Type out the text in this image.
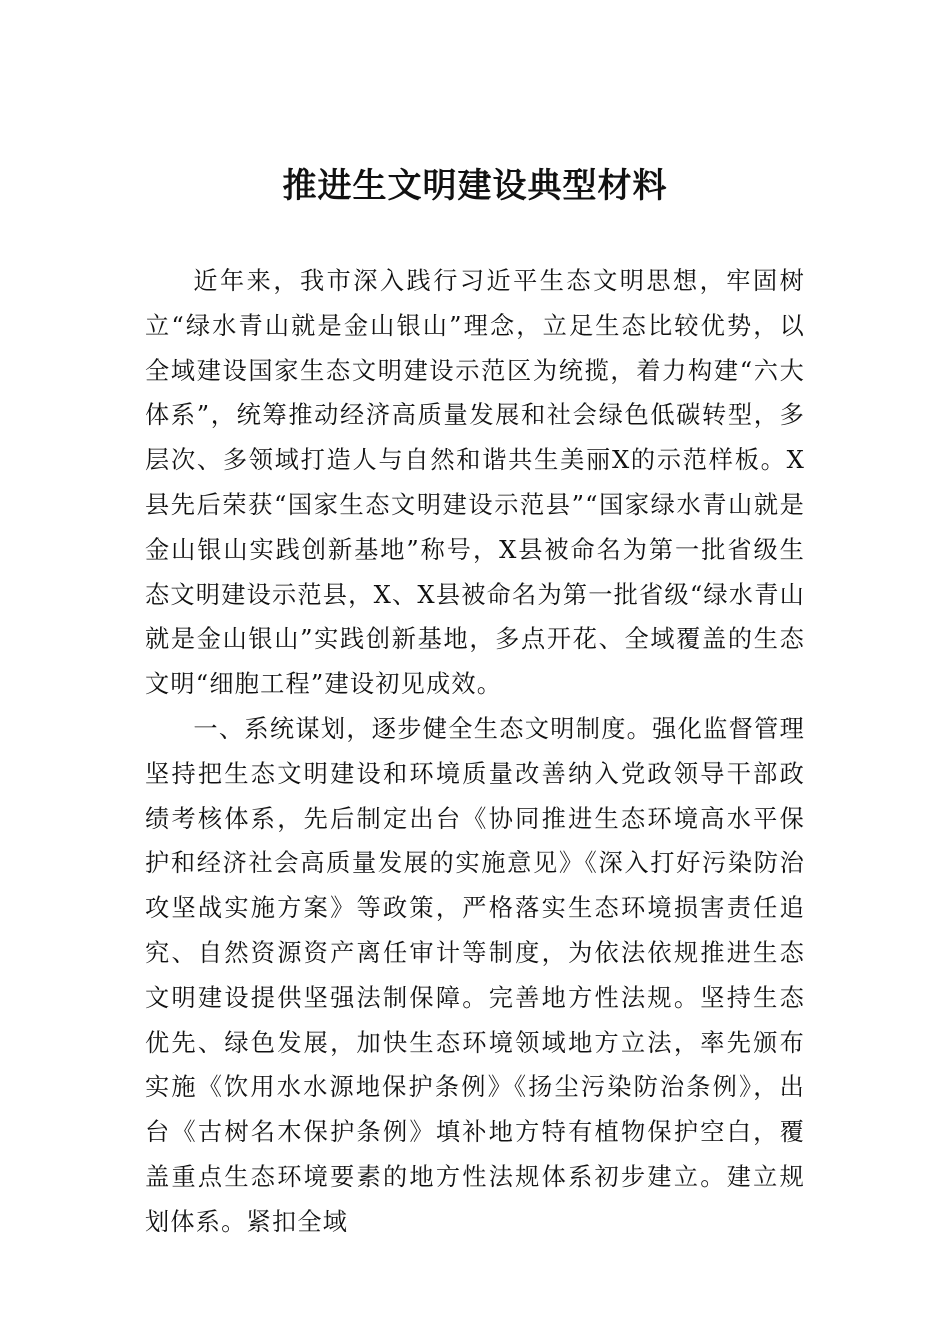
推进生文明建设典型材料

近年来，我市深入践行习近平生态文明思想，牢固树立“绿水青山就是金山银山”理念，立足生态比较优势，以全域建设国家生态文明建设示范区为统揽，着力构建“六大体系”，统筹推动经济高质量发展和社会绿色低碳转型，多层次、多领域打造人与自然和谐共生美丽X的示范样板。X县先后荣获“国家生态文明建设示范县”“国家绿水青山就是金山银山实践创新基地”称号，X县被命名为第一批省级生态文明建设示范县，X、X县被命名为第一批省级“绿水青山就是金山银山”实践创新基地，多点开花、全域覆盖的生态文明“细胞工程”建设初见成效。

一、系统谋划，逐步健全生态文明制度。强化监督管理坚持把生态文明建设和环境质量改善纳入党政领导干部政绩考核体系，先后制定出台《协同推进生态环境高水平保护和经济社会高质量发展的实施意见》《深入打好污染防治攻坚战实施方案》等政策，严格落实生态环境损害责任追究、自然资源资产离任审计等制度，为依法依规推进生态文明建设提供坚强法制保障。完善地方性法规。坚持生态优先、绿色发展，加快生态环境领域地方立法，率先颁布实施《饮用水水源地保护条例》《扬尘污染防治条例》，出台《古树名木保护条例》填补地方特有植物保护空白，覆盖重点生态环境要素的地方性法规体系初步建立。建立规划体系。紧扣全域
